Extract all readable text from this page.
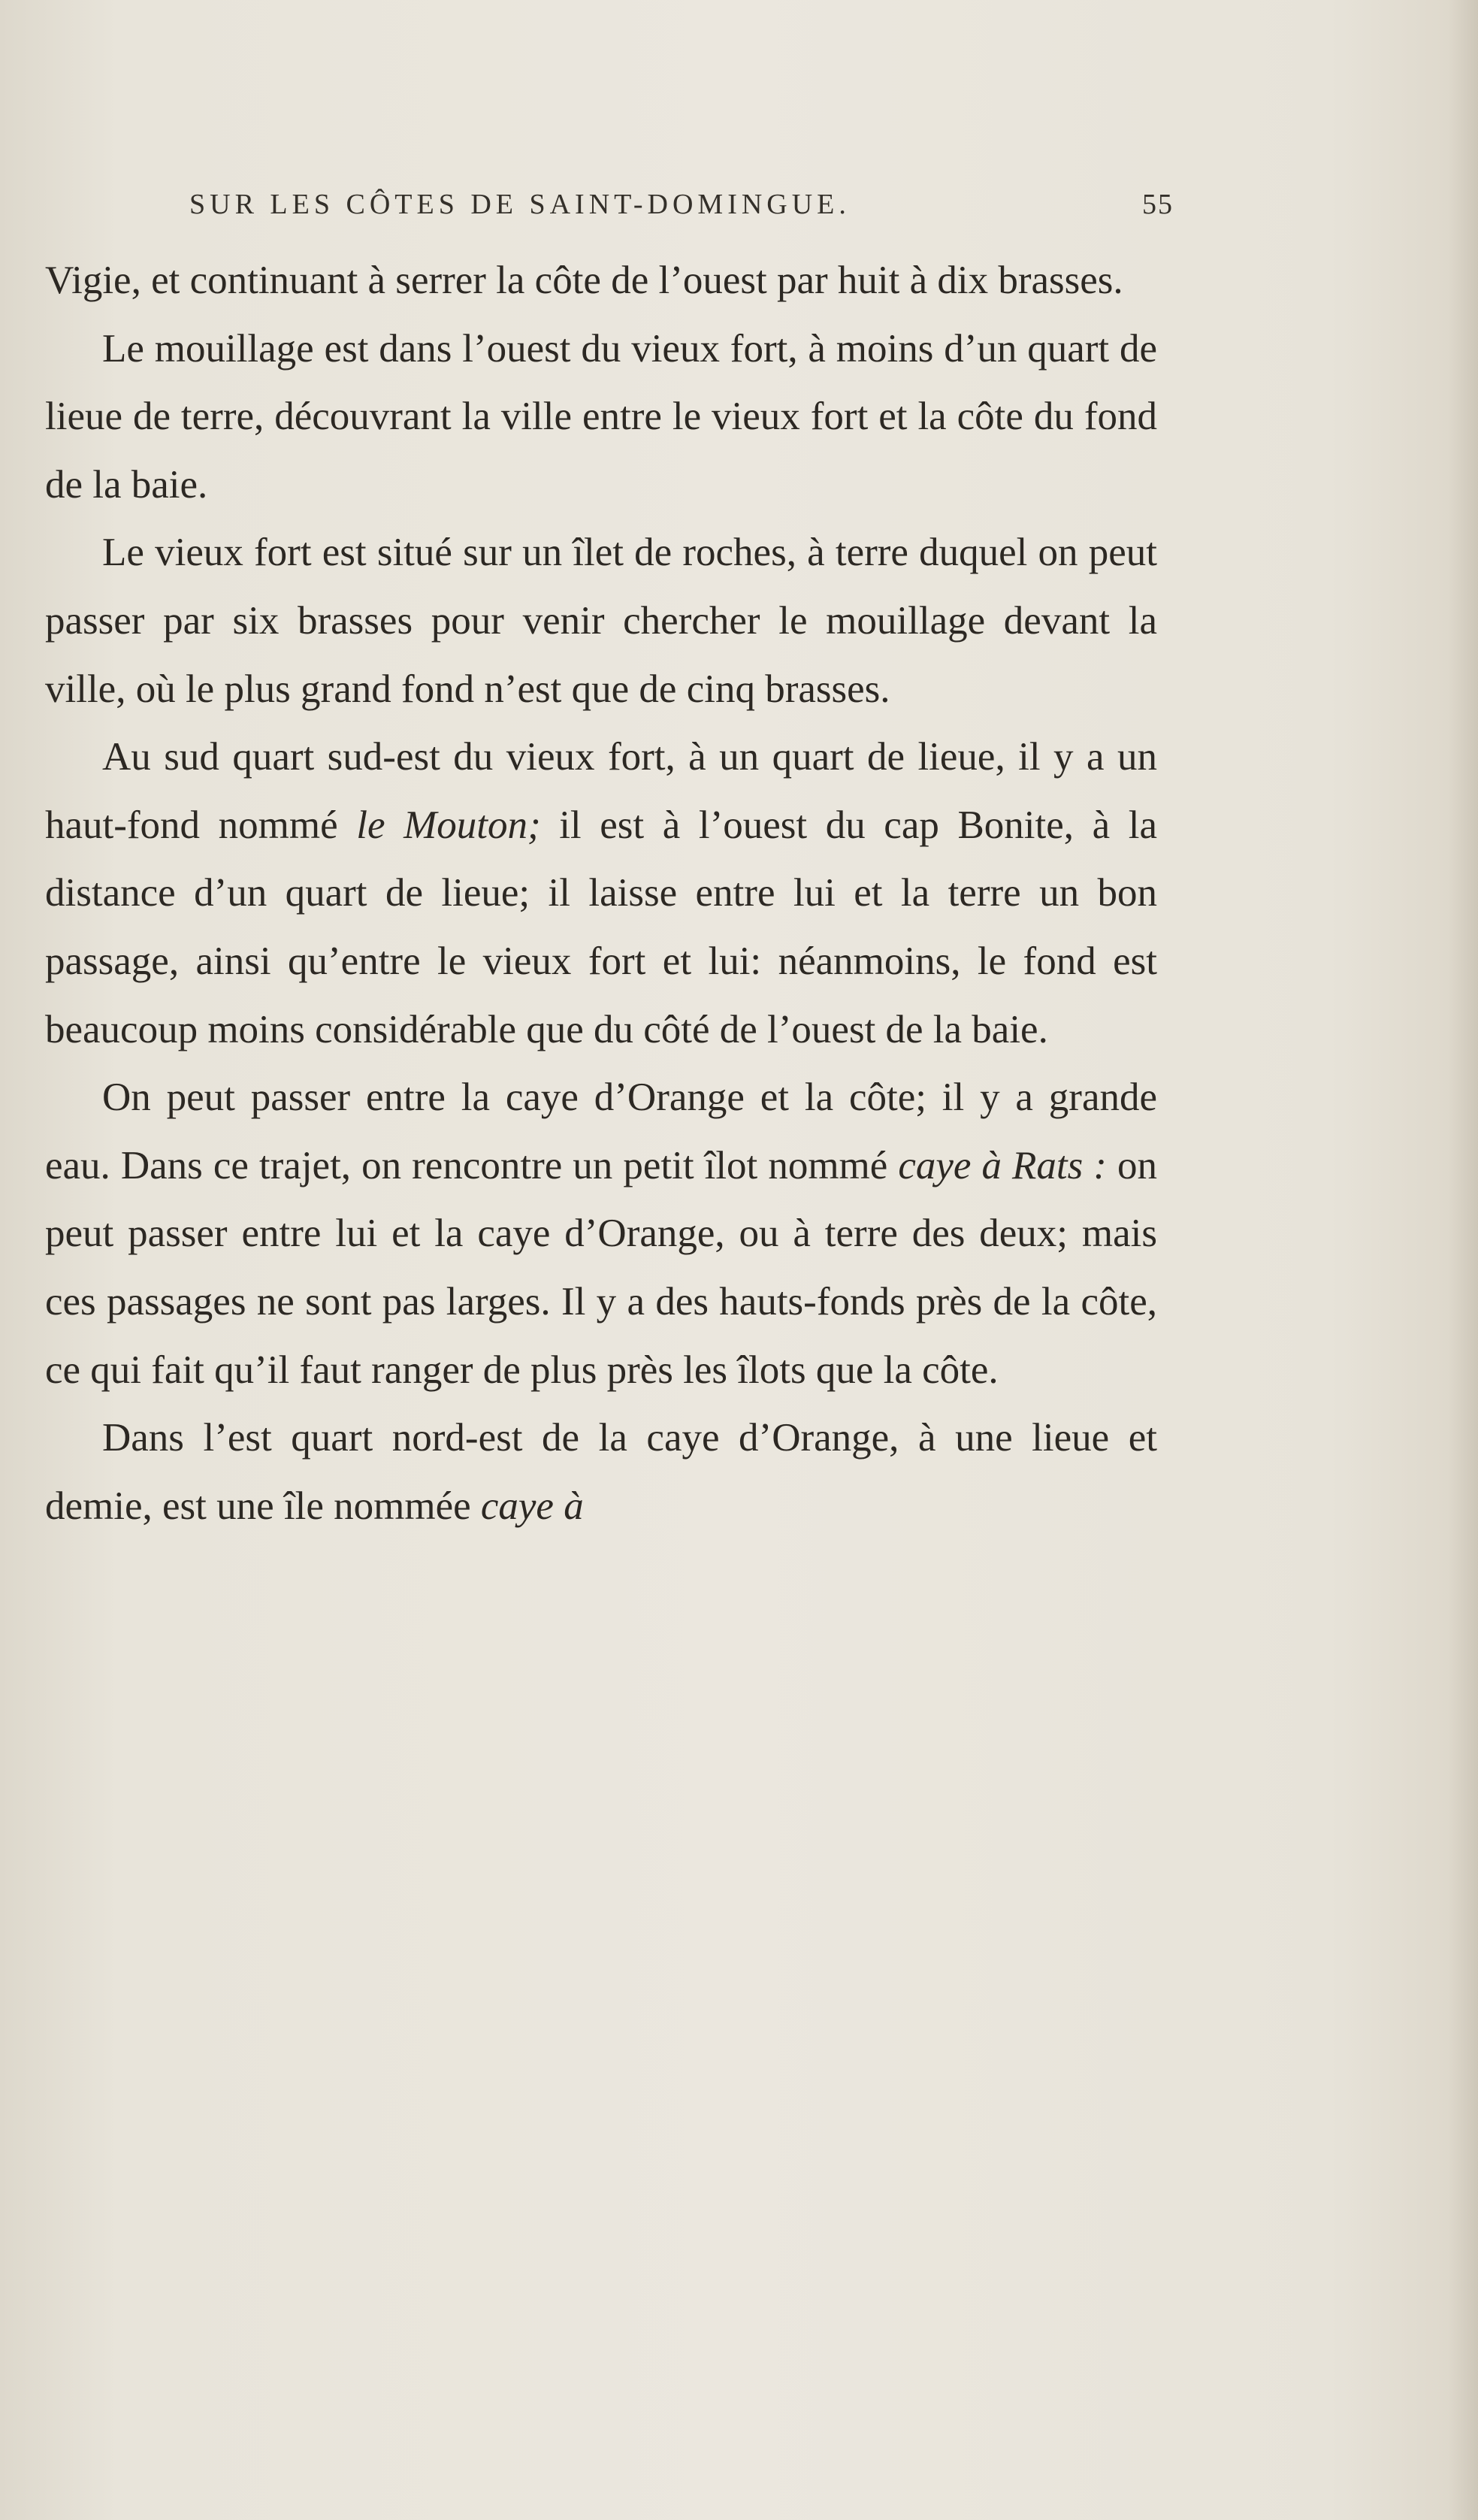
SUR LES CÔTES DE SAINT-DOMINGUE.	55

Vigie, et continuant à serrer la côte de l’ouest par huit à dix brasses.

Le mouillage est dans l’ouest du vieux fort, à moins d’un quart de lieue de terre, découvrant la ville entre le vieux fort et la côte du fond de la baie.

Le vieux fort est situé sur un îlet de roches, à terre duquel on peut passer par six brasses pour venir chercher le mouillage devant la ville, où le plus grand fond n’est que de cinq brasses.

Au sud quart sud-est du vieux fort, à un quart de lieue, il y a un haut-fond nommé le Mouton; il est à l’ouest du cap Bonite, à la distance d’un quart de lieue; il laisse entre lui et la terre un bon passage, ainsi qu’entre le vieux fort et lui: néanmoins, le fond est beaucoup moins considérable que du côté de l’ouest de la baie.

On peut passer entre la caye d’Orange et la côte; il y a grande eau. Dans ce trajet, on rencontre un petit îlot nommé caye à Rats : on peut passer entre lui et la caye d’Orange, ou à terre des deux; mais ces passages ne sont pas larges. Il y a des hauts-fonds près de la côte, ce qui fait qu’il faut ranger de plus près les îlots que la côte.

Dans l’est quart nord-est de la caye d’Orange, à une lieue et demie, est une île nommée caye à
